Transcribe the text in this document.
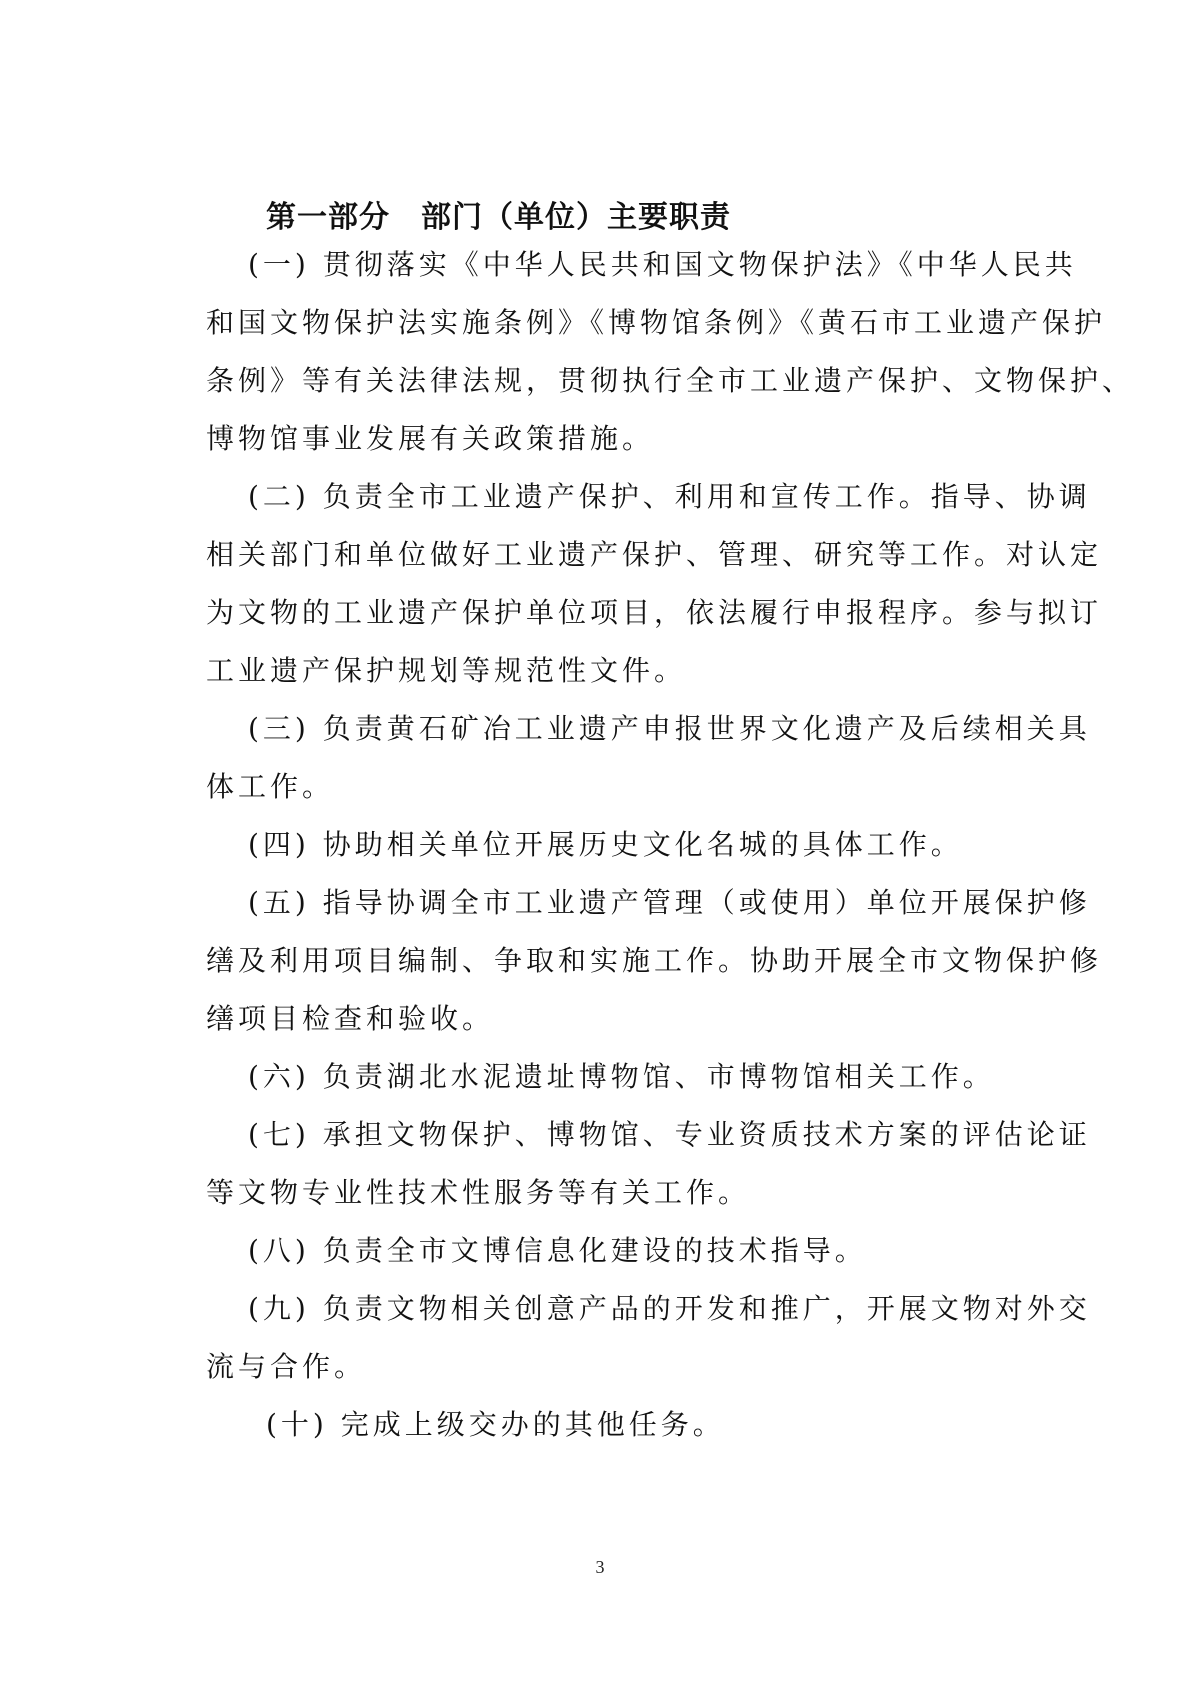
第一部分　部门（单位）主要职责
(一) 贯彻落实《中华人民共和国文物保护法》《中华人民共
和国文物保护法实施条例》《博物馆条例》《黄石市工业遗产保护
条例》等有关法律法规，贯彻执行全市工业遗产保护、文物保护、
博物馆事业发展有关政策措施。
(二) 负责全市工业遗产保护、利用和宣传工作。指导、协调
相关部门和单位做好工业遗产保护、管理、研究等工作。对认定
为文物的工业遗产保护单位项目，依法履行申报程序。参与拟订
工业遗产保护规划等规范性文件。
(三) 负责黄石矿冶工业遗产申报世界文化遗产及后续相关具
体工作。
(四) 协助相关单位开展历史文化名城的具体工作。
(五) 指导协调全市工业遗产管理（或使用）单位开展保护修
缮及利用项目编制、争取和实施工作。协助开展全市文物保护修
缮项目检查和验收。
(六) 负责湖北水泥遗址博物馆、市博物馆相关工作。
(七) 承担文物保护、博物馆、专业资质技术方案的评估论证
等文物专业性技术性服务等有关工作。
(八) 负责全市文博信息化建设的技术指导。
(九) 负责文物相关创意产品的开发和推广，开展文物对外交
流与合作。
(十) 完成上级交办的其他任务。
3
